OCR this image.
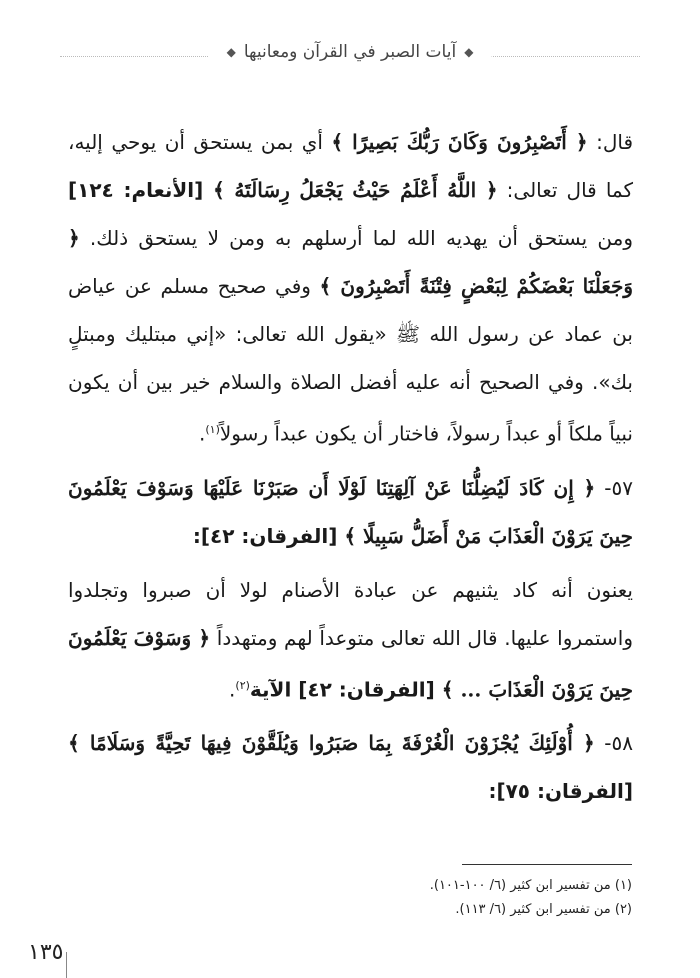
◆آيات الصبر في القرآن ومعانيها◆

قال: ﴿ أَتَصْبِرُونَ وَكَانَ رَبُّكَ بَصِيرًا ﴾ أي بمن يستحق أن يوحي إليه، كما قال تعالى: ﴿ اللَّهُ أَعْلَمُ حَيْثُ يَجْعَلُ رِسَالَتَهُ ﴾ [الأنعام: ١٢٤] ومن يستحق أن يهديه الله لما أرسلهم به ومن لا يستحق ذلك. ﴿ وَجَعَلْنَا بَعْضَكُمْ لِبَعْضٍ فِتْنَةً أَتَصْبِرُونَ ﴾ وفي صحيح مسلم عن عياض بن عماد عن رسول الله ﷺ «يقول الله تعالى: «إني مبتليك ومبتلٍ بك». وفي الصحيح أنه عليه أفضل الصلاة والسلام خير بين أن يكون نبياً ملكاً أو عبداً رسولاً، فاختار أن يكون عبداً رسولاً$^{(١)}$.

٥٧- ﴿ إِن كَادَ لَيُضِلُّنَا عَنْ آلِهَتِنَا لَوْلَا أَن صَبَرْنَا عَلَيْهَا وَسَوْفَ يَعْلَمُونَ حِينَ يَرَوْنَ الْعَذَابَ مَنْ أَضَلُّ سَبِيلًا ﴾ [الفرقان: ٤٢]:

يعنون أنه كاد يثنيهم عن عبادة الأصنام لولا أن صبروا وتجلدوا واستمروا عليها. قال الله تعالى متوعداً لهم ومتهدداً ﴿ وَسَوْفَ يَعْلَمُونَ حِينَ يَرَوْنَ الْعَذَابَ ... ﴾ [الفرقان: ٤٢] الآية$^{(٢)}$.

٥٨- ﴿ أُوْلَئِكَ يُجْزَوْنَ الْغُرْفَةَ بِمَا صَبَرُوا وَيُلَقَّوْنَ فِيهَا تَحِيَّةً وَسَلَامًا ﴾ [الفرقان: ٧٥]:

(١) من تفسير ابن كثير (٦/ ١٠٠-١٠١).
(٢) من تفسير ابن كثير (٦/ ١١٣).
١٣٥
